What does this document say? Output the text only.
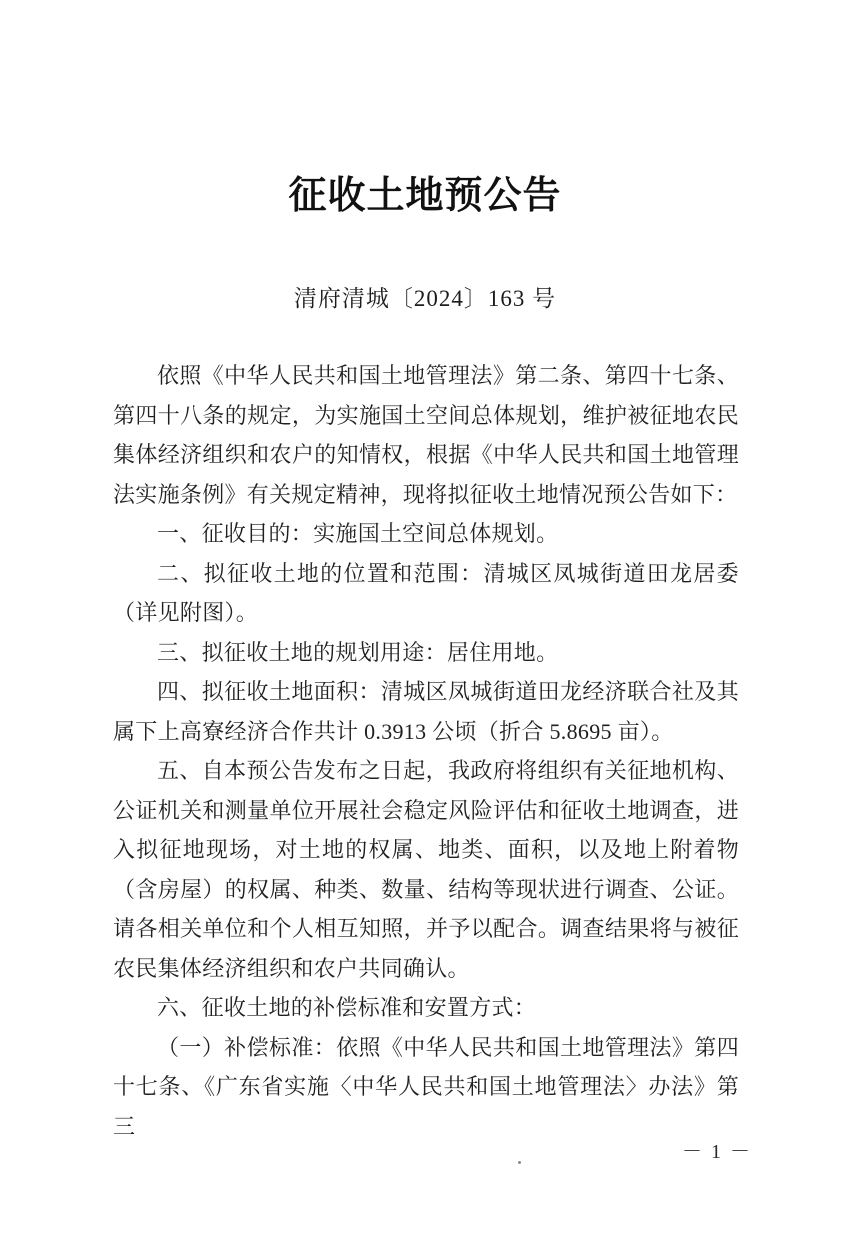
征收土地预公告
清府清城〔2024〕163 号

依照《中华人民共和国土地管理法》第二条、第四十七条、第四十八条的规定，为实施国土空间总体规划，维护被征地农民集体经济组织和农户的知情权，根据《中华人民共和国土地管理法实施条例》有关规定精神，现将拟征收土地情况预公告如下：

一、征收目的：实施国土空间总体规划。

二、拟征收土地的位置和范围：清城区凤城街道田龙居委（详见附图）。

三、拟征收土地的规划用途：居住用地。

四、拟征收土地面积：清城区凤城街道田龙经济联合社及其属下上高寮经济合作共计 0.3913 公顷（折合 5.8695 亩）。

五、自本预公告发布之日起，我政府将组织有关征地机构、公证机关和测量单位开展社会稳定风险评估和征收土地调查，进入拟征地现场，对土地的权属、地类、面积，以及地上附着物（含房屋）的权属、种类、数量、结构等现状进行调查、公证。请各相关单位和个人相互知照，并予以配合。调查结果将与被征农民集体经济组织和农户共同确认。

六、征收土地的补偿标准和安置方式：

（一）补偿标准：依照《中华人民共和国土地管理法》第四十七条、《广东省实施〈中华人民共和国土地管理法〉办法》第三

－ 1 －
